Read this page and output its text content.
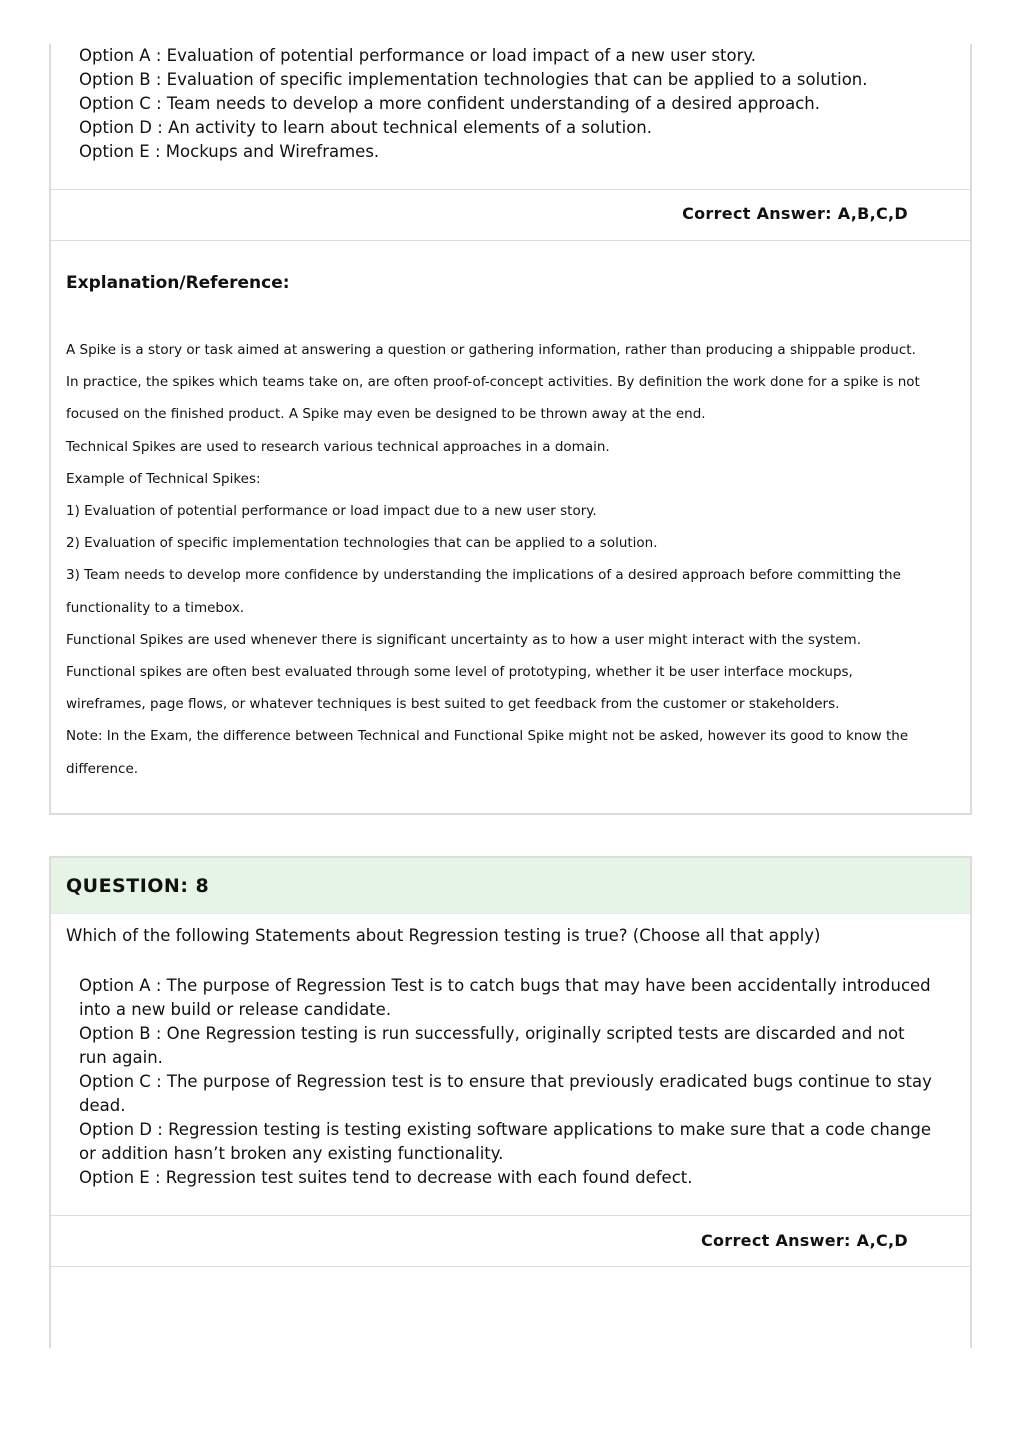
Option A : Evaluation of potential performance or load impact of a new user story.
Option B : Evaluation of specific implementation technologies that can be applied to a solution.
Option C : Team needs to develop a more confident understanding of a desired approach.
Option D : An activity to learn about technical elements of a solution.
Option E : Mockups and Wireframes.
Correct Answer: A,B,C,D
Explanation/Reference:
A Spike is a story or task aimed at answering a question or gathering information, rather than producing a shippable product.
In practice, the spikes which teams take on, are often proof-of-concept activities. By definition the work done for a spike is not
focused on the finished product. A Spike may even be designed to be thrown away at the end.
Technical Spikes are used to research various technical approaches in a domain.
Example of Technical Spikes:
1) Evaluation of potential performance or load impact due to a new user story.
2) Evaluation of specific implementation technologies that can be applied to a solution.
3) Team needs to develop more confidence by understanding the implications of a desired approach before committing the
functionality to a timebox.
Functional Spikes are used whenever there is significant uncertainty as to how a user might interact with the system.
Functional spikes are often best evaluated through some level of prototyping, whether it be user interface mockups,
wireframes, page flows, or whatever techniques is best suited to get feedback from the customer or stakeholders.
Note: In the Exam, the difference between Technical and Functional Spike might not be asked, however its good to know the
difference.
QUESTION: 8
Which of the following Statements about Regression testing is true? (Choose all that apply)
Option A : The purpose of Regression Test is to catch bugs that may have been accidentally introduced into a new build or release candidate.
Option B : One Regression testing is run successfully, originally scripted tests are discarded and not run again.
Option C : The purpose of Regression test is to ensure that previously eradicated bugs continue to stay dead.
Option D : Regression testing is testing existing software applications to make sure that a code change or addition hasn’t broken any existing functionality.
Option E : Regression test suites tend to decrease with each found defect.
Correct Answer: A,C,D
